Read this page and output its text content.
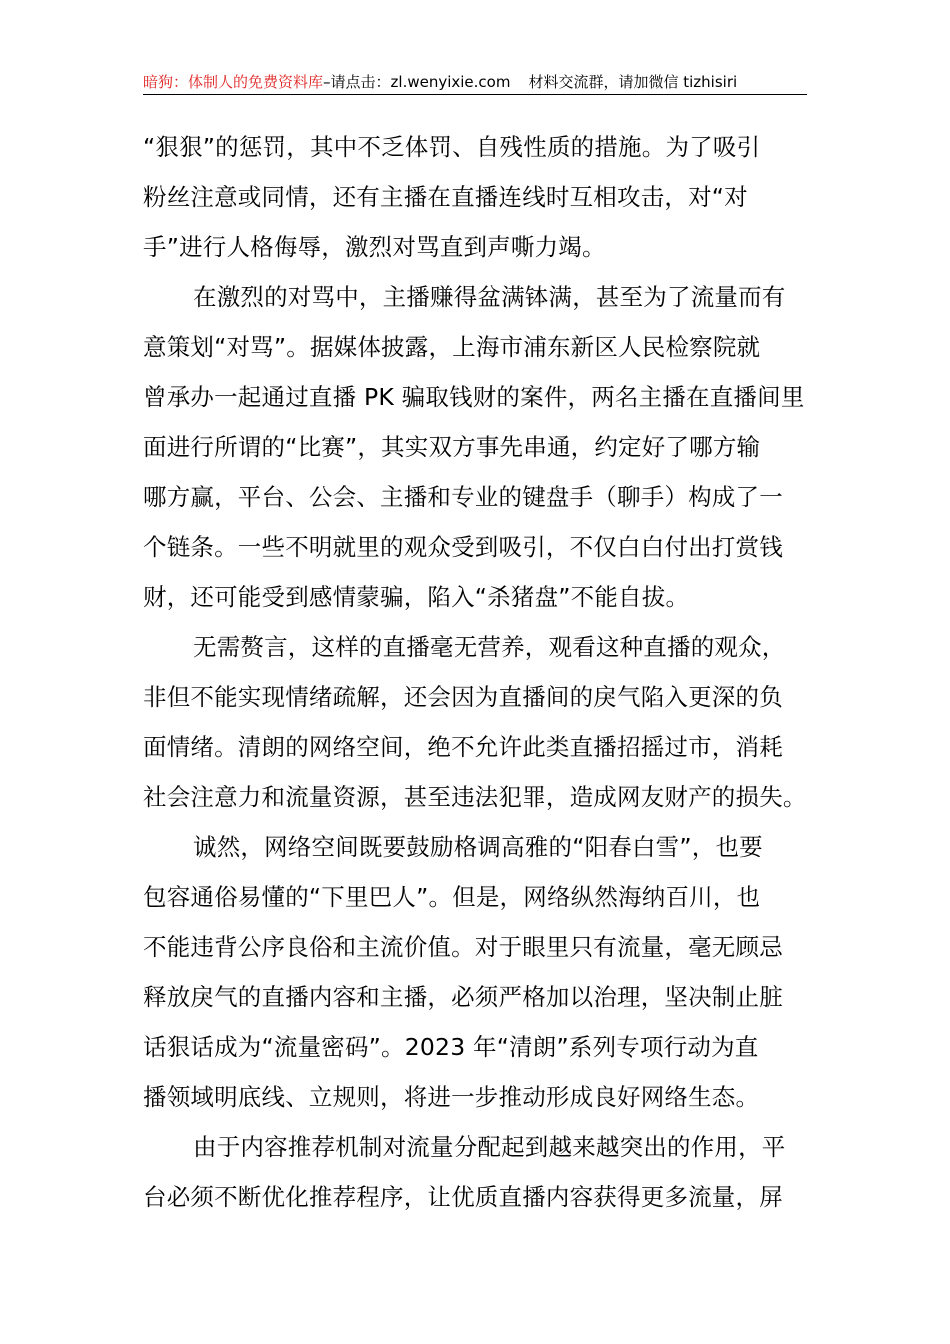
暗狗：体制人的免费资料库–请点击：zl.wenyixie.com 材料交流群，请加微信 tizhisiri
“狠狠”的惩罚，其中不乏体罚、自残性质的措施。为了吸引
粉丝注意或同情，还有主播在直播连线时互相攻击，对“对
手”进行人格侮辱，激烈对骂直到声嘶力竭。
在激烈的对骂中，主播赚得盆满钵满，甚至为了流量而有
意策划“对骂”。据媒体披露，上海市浦东新区人民检察院就
曾承办一起通过直播 PK 骗取钱财的案件，两名主播在直播间里
面进行所谓的“比赛”，其实双方事先串通，约定好了哪方输
哪方赢，平台、公会、主播和专业的键盘手（聊手）构成了一
个链条。一些不明就里的观众受到吸引，不仅白白付出打赏钱
财，还可能受到感情蒙骗，陷入“杀猪盘”不能自拔。
无需赘言，这样的直播毫无营养，观看这种直播的观众，
非但不能实现情绪疏解，还会因为直播间的戾气陷入更深的负
面情绪。清朗的网络空间，绝不允许此类直播招摇过市，消耗
社会注意力和流量资源，甚至违法犯罪，造成网友财产的损失。
诚然，网络空间既要鼓励格调高雅的“阳春白雪”，也要
包容通俗易懂的“下里巴人”。但是，网络纵然海纳百川，也
不能违背公序良俗和主流价值。对于眼里只有流量，毫无顾忌
释放戾气的直播内容和主播，必须严格加以治理，坚决制止脏
话狠话成为“流量密码”。2023 年“清朗”系列专项行动为直
播领域明底线、立规则，将进一步推动形成良好网络生态。
由于内容推荐机制对流量分配起到越来越突出的作用，平
台必须不断优化推荐程序，让优质直播内容获得更多流量，屏
